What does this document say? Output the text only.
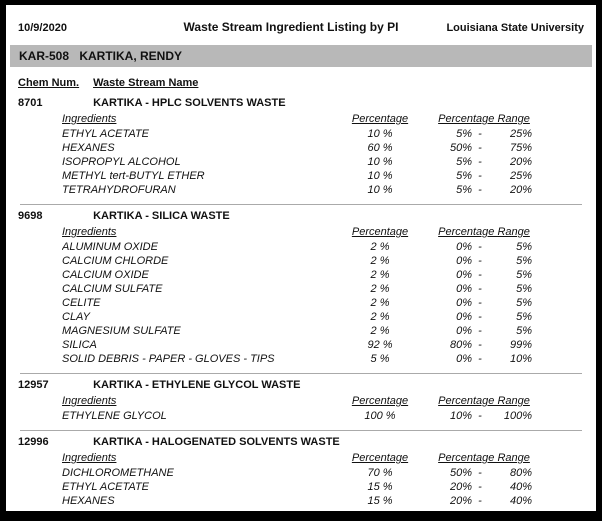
10/9/2020	Waste Stream Ingredient Listing by PI	Louisiana State University
KAR-508 KARTIKA, RENDY
Chem Num. Waste Stream Name
8701	KARTIKA - HPLC SOLVENTS WASTE
Ingredients	Percentage	Percentage Range
ETHYL ACETATE	10 %	5% -	25%
HEXANES	60 %	50% -	75%
ISOPROPYL ALCOHOL	10 %	5% -	20%
METHYL tert-BUTYL ETHER	10 %	5% -	25%
TETRAHYDROFURAN	10 %	5% -	20%
9698	KARTIKA - SILICA WASTE
Ingredients	Percentage	Percentage Range
ALUMINUM OXIDE	2 %	0% -	5%
CALCIUM CHLORDE	2 %	0% -	5%
CALCIUM OXIDE	2 %	0% -	5%
CALCIUM SULFATE	2 %	0% -	5%
CELITE	2 %	0% -	5%
CLAY	2 %	0% -	5%
MAGNESIUM SULFATE	2 %	0% -	5%
SILICA	92 %	80% -	99%
SOLID DEBRIS - PAPER - GLOVES - TIPS	5 %	0% -	10%
12957	KARTIKA - ETHYLENE GLYCOL WASTE
Ingredients	Percentage	Percentage Range
ETHYLENE GLYCOL	100 %	10% -	100%
12996	KARTIKA - HALOGENATED SOLVENTS WASTE
Ingredients	Percentage	Percentage Range
DICHLOROMETHANE	70 %	50% -	80%
ETHYL ACETATE	15 %	20% -	40%
HEXANES	15 %	20% -	40%
